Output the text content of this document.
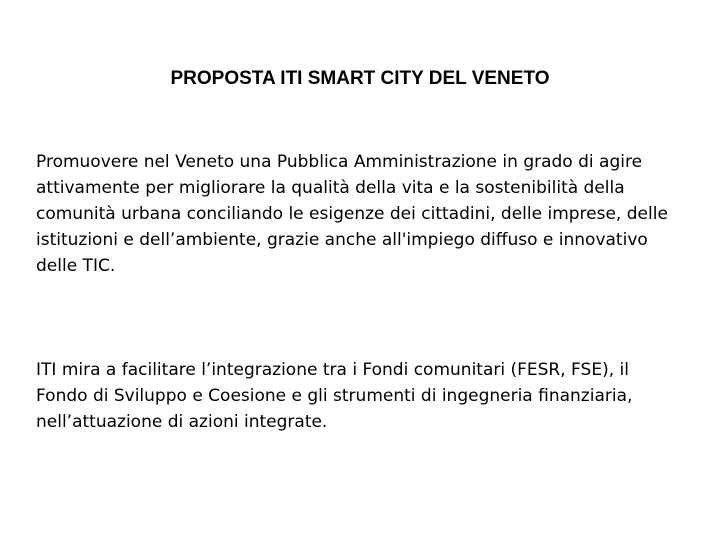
PROPOSTA ITI SMART CITY DEL VENETO

Promuovere nel Veneto una Pubblica Amministrazione in grado di agire attivamente per migliorare la qualità della vita e la sostenibilità della comunità urbana conciliando le esigenze dei cittadini, delle imprese, delle istituzioni e dell’ambiente, grazie anche all'impiego diffuso e innovativo delle TIC.

ITI mira a facilitare l’integrazione tra i Fondi comunitari (FESR, FSE), il Fondo di Sviluppo e Coesione e gli strumenti di ingegneria finanziaria, nell’attuazione di azioni integrate.
